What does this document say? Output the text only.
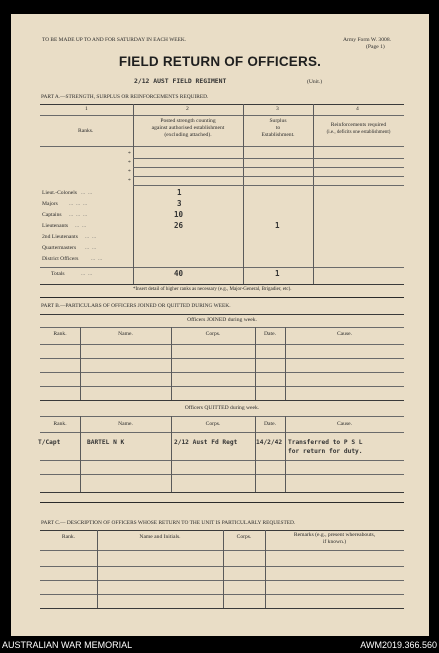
TO BE MADE UP TO AND FOR SATURDAY IN EACH WEEK.	Army Form W. 3008.
(Page 1)
FIELD RETURN OF OFFICERS.
2/12 AUST FIELD REGIMENT	(Unit.)
PART A.—STRENGTH, SURPLUS OR REINFORCEMENTS REQUIRED.
1	2	3	4
Ranks.
Posted strength counting
against authorised establishment
(excluding attached).
Surplus
to
Establishment.
Reinforcements required
(i.e., deficits one establishment)
*
*
*
*
Lieut.-Colonels	1
Majors	3
Captains	10
Lieutenants	26	1
2nd Lieutenants
Quartermasters
District Officers
...  ...
...  ...  ...
...  ...  ...
...  ...
...  ...
...  ...
...  ...
Totals	...  ...	40	1
*Insert detail of higher ranks as necessary (e.g., Major-General, Brigadier, etc).
PART B.—PARTICULARS OF OFFICERS JOINED OR QUITTED DURING WEEK.
Officers JOINED during week.
Rank.	Name.	Corps.	Date.	Cause.
Officers QUITTED during week.
Rank.	Name.	Corps.	Date.	Cause.
T/Capt	BARTEL N K	2/12 Aust Fd Regt	14/2/42 Transferred to P S L
for return for duty.
PART C.— DESCRIPTION OF OFFICERS WHOSE RETURN TO THE UNIT IS PARTICULARLY REQUESTED.
Rank.	Name and Initials.	Corps.	Remarks (e.g., present whereabouts,
if known.)
AUSTRALIAN WAR MEMORIAL	AWM2019.366.560
